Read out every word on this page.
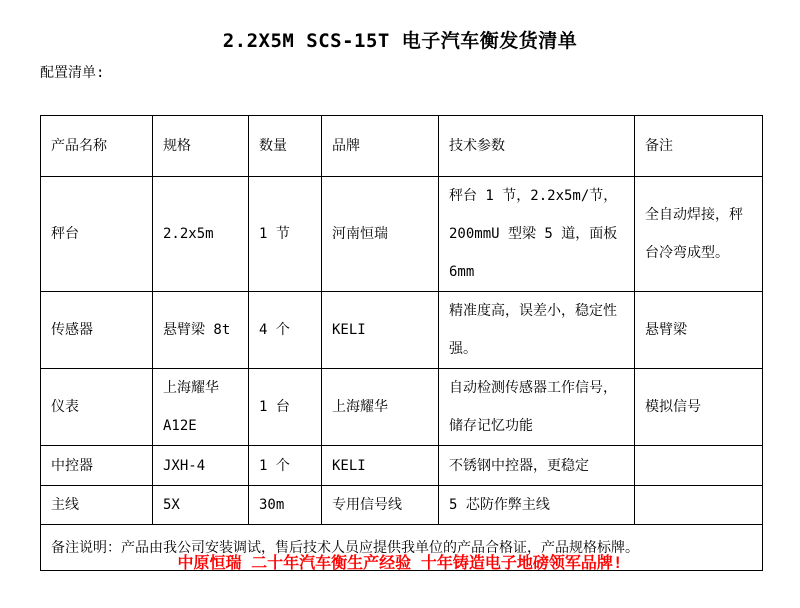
2.2X5M SCS-15T 电子汽车衡发货清单
配置清单:
产品名称	规格	数量	品牌	技术参数	备注
秤台	2.2x5m	1 节	河南恒瑞	秤台 1 节，2.2x5m/节，200mmU 型梁 5 道，面板 6mm	全自动焊接，秤台冷弯成型。
传感器	悬臂梁 8t	4 个	KELI	精准度高，误差小，稳定性强。	悬臂梁
仪表	上海耀华 A12E	1 台	上海耀华	自动检测传感器工作信号，储存记忆功能	模拟信号
中控器	JXH-4	1 个	KELI	不锈钢中控器，更稳定	
主线	5X	30m	专用信号线	5 芯防作弊主线	
备注说明：产品由我公司安装调试，售后技术人员应提供我单位的产品合格证，产品规格标牌。					
中原恒瑞 二十年汽车衡生产经验 十年铸造电子地磅领军品牌!
